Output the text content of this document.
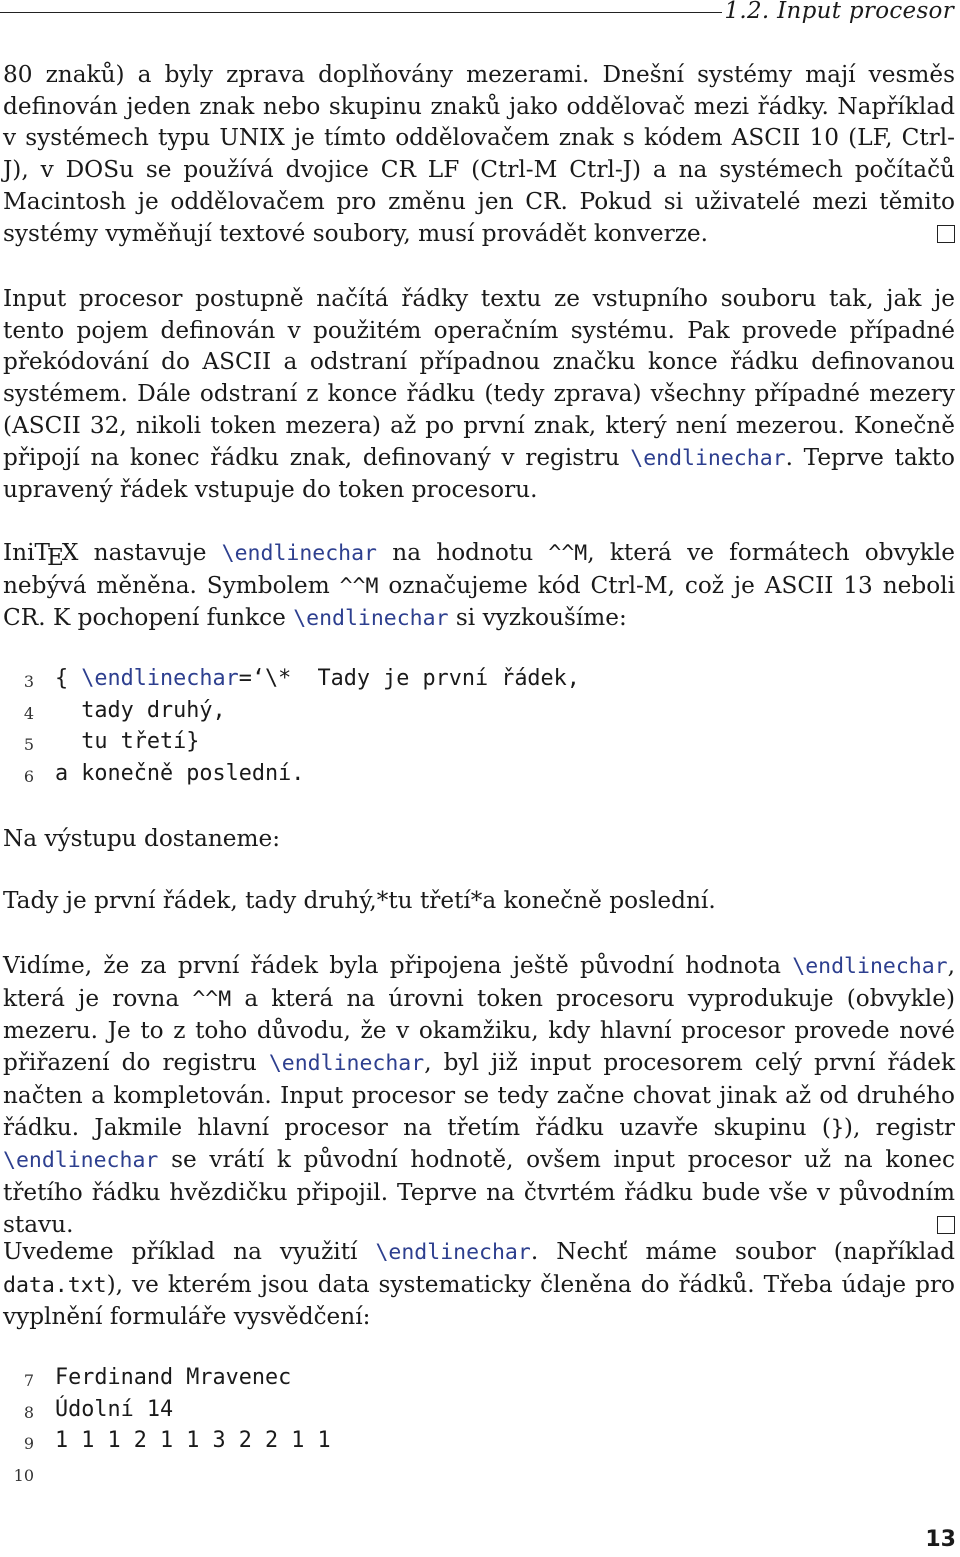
1.2. Input procesor
80 znaků) a byly zprava doplňovány mezerami. Dnešní systémy mají vesměs definován jeden znak nebo skupinu znaků jako oddělovač mezi řádky. Například v systémech typu UNIX je tímto oddělovačem znak s kódem ASCII 10 (LF, Ctrl-J), v DOSu se používá dvojice CR LF (Ctrl-M Ctrl-J) a na systémech počítačů Macintosh je oddělovačem pro změnu jen CR. Pokud si uživatelé mezi těmito systémy vyměňují textové soubory, musí provádět konverze.
Input procesor postupně načítá řádky textu ze vstupního souboru tak, jak je tento pojem definován v použitém operačním systému. Pak provede případné překódování do ASCII a odstraní případnou značku konce řádku definovanou systémem. Dále odstraní z konce řádku (tedy zprava) všechny případné mezery (ASCII 32, nikoli token mezera) až po první znak, který není mezerou. Konečně připojí na konec řádku znak, definovaný v registru \endlinechar. Teprve takto upravený řádek vstupuje do token procesoru.
IniTEX nastavuje \endlinechar na hodnotu ^^M, která ve formátech obvykle nebývá měněna. Symbolem ^^M označujeme kód Ctrl-M, což je ASCII 13 neboli CR. K pochopení funkce \endlinechar si vyzkoušíme:
3 { \endlinechar=‘\*  Tady je první řádek,
4 tady druhý,
5 tu třetí}
6 a konečně poslední.
Na výstupu dostaneme:
Tady je první řádek, tady druhý,*tu třetí*a konečně poslední.
Vidíme, že za první řádek byla připojena ještě původní hodnota \endlinechar, která je rovna ^^M a která na úrovni token procesoru vyprodukuje (obvykle) mezeru. Je to z toho důvodu, že v okamžiku, kdy hlavní procesor provede nové přiřazení do registru \endlinechar, byl již input procesorem celý první řádek načten a kompletován. Input procesor se tedy začne chovat jinak až od druhého řádku. Jakmile hlavní procesor na třetím řádku uzavře skupinu (}), registr \endlinechar se vrátí k původní hodnotě, ovšem input procesor už na konec třetího řádku hvězdičku připojil. Teprve na čtvrtém řádku bude vše v původním stavu.
Uvedeme příklad na využití \endlinechar. Nechť máme soubor (například data.txt), ve kterém jsou data systematicky členěna do řádků. Třeba údaje pro vyplnění formuláře vysvědčení:
7 Ferdinand Mravenec
8 Údolní 14
9 1 1 1 2 1 1 3 2 2 1 1
10
13
